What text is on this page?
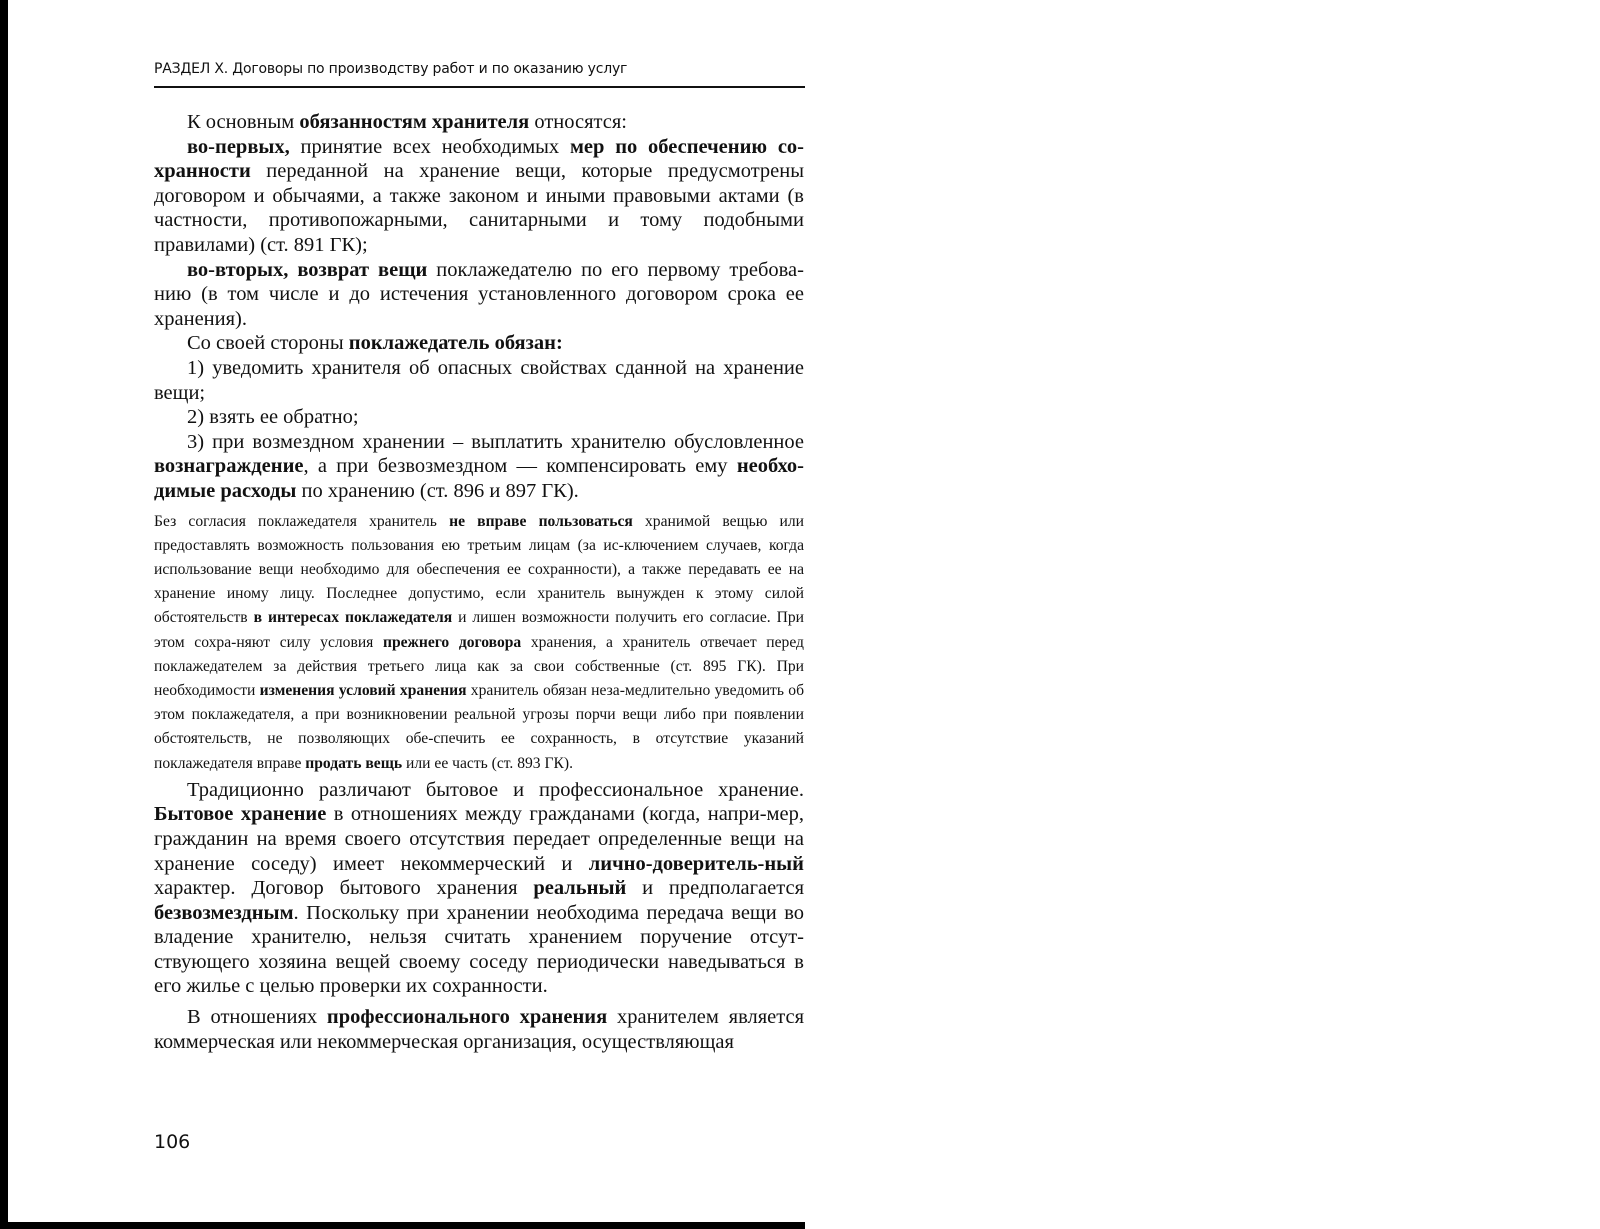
РАЗДЕЛ X. Договоры по производству работ и по оказанию услуг

К основным обязанностям хранителя относятся:

во-первых, принятие всех необходимых мер по обеспечению со-хранности переданной на хранение вещи, которые предусмотрены договором и обычаями, а также законом и иными правовыми актами (в частности, противопожарными, санитарными и тому подобными правилами) (ст. 891 ГК);

во-вторых, возврат вещи поклажедателю по его первому требова-нию (в том числе и до истечения установленного договором срока ее хранения).

Со своей стороны поклажедатель обязан:

1) уведомить хранителя об опасных свойствах сданной на хранение вещи;

2) взять ее обратно;

3) при возмездном хранении – выплатить хранителю обусловленное вознаграждение, а при безвозмездном — компенсировать ему необхо-димые расходы по хранению (ст. 896 и 897 ГК).

Без согласия поклажедателя хранитель не вправе пользоваться хранимой вещью или предоставлять возможность пользования ею третьим лицам (за ис-ключением случаев, когда использование вещи необходимо для обеспечения ее сохранности), а также передавать ее на хранение иному лицу. Последнее допустимо, если хранитель вынужден к этому силой обстоятельств в интересах поклажедателя и лишен возможности получить его согласие. При этом сохра-няют силу условия прежнего договора хранения, а хранитель отвечает перед поклажедателем за действия третьего лица как за свои собственные (ст. 895 ГК). При необходимости изменения условий хранения хранитель обязан неза-медлительно уведомить об этом поклажедателя, а при возникновении реальной угрозы порчи вещи либо при появлении обстоятельств, не позволяющих обе-спечить ее сохранность, в отсутствие указаний поклажедателя вправе продать вещь или ее часть (ст. 893 ГК).

Традиционно различают бытовое и профессиональное хранение. Бытовое хранение в отношениях между гражданами (когда, напри-мер, гражданин на время своего отсутствия передает определенные вещи на хранение соседу) имеет некоммерческий и лично-доверитель-ный характер. Договор бытового хранения реальный и предполагается безвозмездным. Поскольку при хранении необходима передача вещи во владение хранителю, нельзя считать хранением поручение отсут-ствующего хозяина вещей своему соседу периодически наведываться в его жилье с целью проверки их сохранности.

В отношениях профессионального хранения хранителем является коммерческая или некоммерческая организация, осуществляющая

106
